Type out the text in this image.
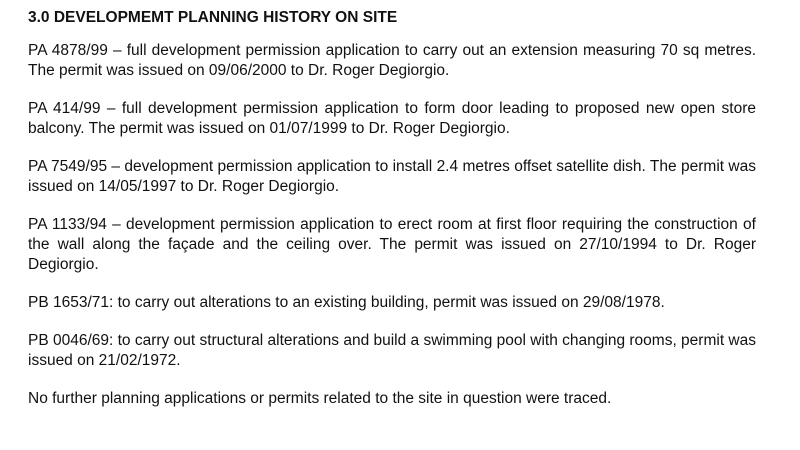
3.0 DEVELOPMEMT PLANNING HISTORY ON SITE

PA 4878/99 – full development permission application to carry out an extension measuring 70 sq metres. The permit was issued on 09/06/2000 to Dr. Roger Degiorgio.

PA 414/99 – full development permission application to form door leading to proposed new open store balcony. The permit was issued on 01/07/1999 to Dr. Roger Degiorgio.

PA 7549/95 – development permission application to install 2.4 metres offset satellite dish. The permit was issued on 14/05/1997 to Dr. Roger Degiorgio.

PA 1133/94 – development permission application to erect room at first floor requiring the construction of the wall along the façade and the ceiling over. The permit was issued on 27/10/1994 to Dr. Roger Degiorgio.

PB 1653/71: to carry out alterations to an existing building, permit was issued on 29/08/1978.

PB 0046/69: to carry out structural alterations and build a swimming pool with changing rooms, permit was issued on 21/02/1972.

No further planning applications or permits related to the site in question were traced.
